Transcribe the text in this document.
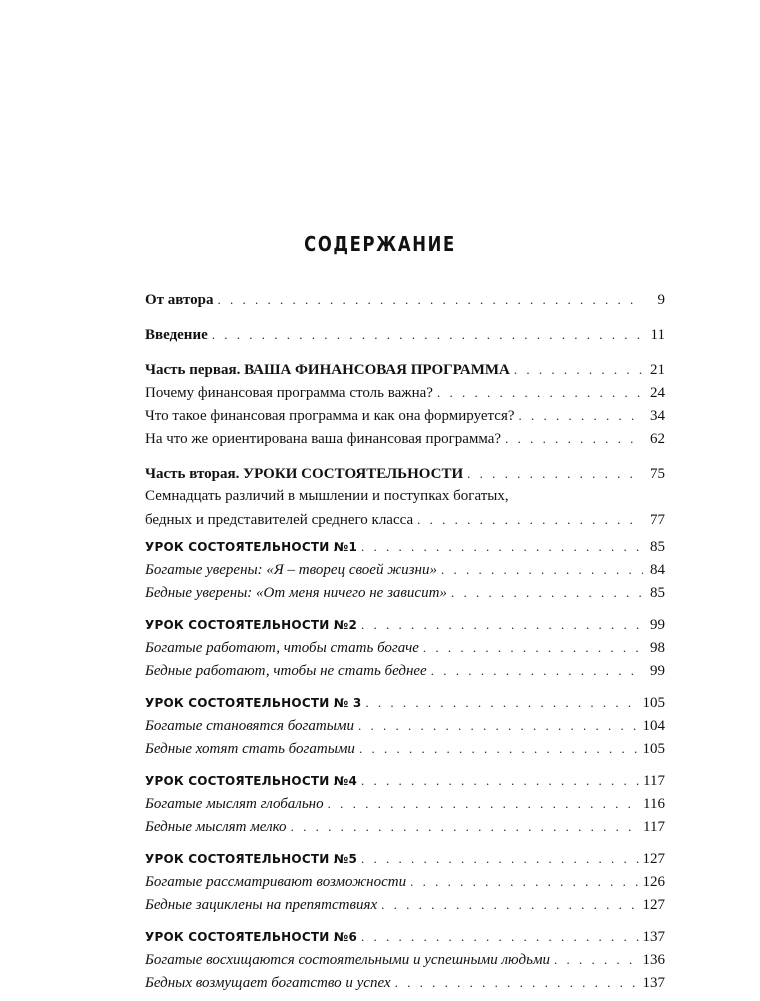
СОДЕРЖАНИЕ
От автора . . .	9
Введение . . .	11
Часть первая. ВАША ФИНАНСОВАЯ ПРОГРАММА . . .	21
Почему финансовая программа столь важна? . . .	24
Что такое финансовая программа и как она формируется? . . .	34
На что же ориентирована ваша финансовая программа? . . .	62
Часть вторая. УРОКИ СОСТОЯТЕЛЬНОСТИ . . .	75
Семнадцать различий в мышлении и поступках богатых,
бедных и представителей среднего класса . . .	77
УРОК СОСТОЯТЕЛЬНОСТИ №1 . . .	85
Богатые уверены: «Я – творец своей жизни» . . .	84
Бедные уверены: «От меня ничего не зависит» . . .	85
УРОК СОСТОЯТЕЛЬНОСТИ №2 . . .	99
Богатые работают, чтобы стать богаче . . .	98
Бедные работают, чтобы не стать беднее . . .	99
УРОК СОСТОЯТЕЛЬНОСТИ № 3 . . .	105
Богатые становятся богатыми . . .	104
Бедные хотят стать богатыми . . .	105
УРОК СОСТОЯТЕЛЬНОСТИ №4 . . .	117
Богатые мыслят глобально . . .	116
Бедные мыслят мелко . . .	117
УРОК СОСТОЯТЕЛЬНОСТИ №5 . . .	127
Богатые рассматривают возможности . . .	126
Бедные зациклены на препятствиях . . .	127
УРОК СОСТОЯТЕЛЬНОСТИ №6 . . .	137
Богатые восхищаются состоятельными и успешными людьми . . .	136
Бедных возмущает богатство и успех . . .	137
